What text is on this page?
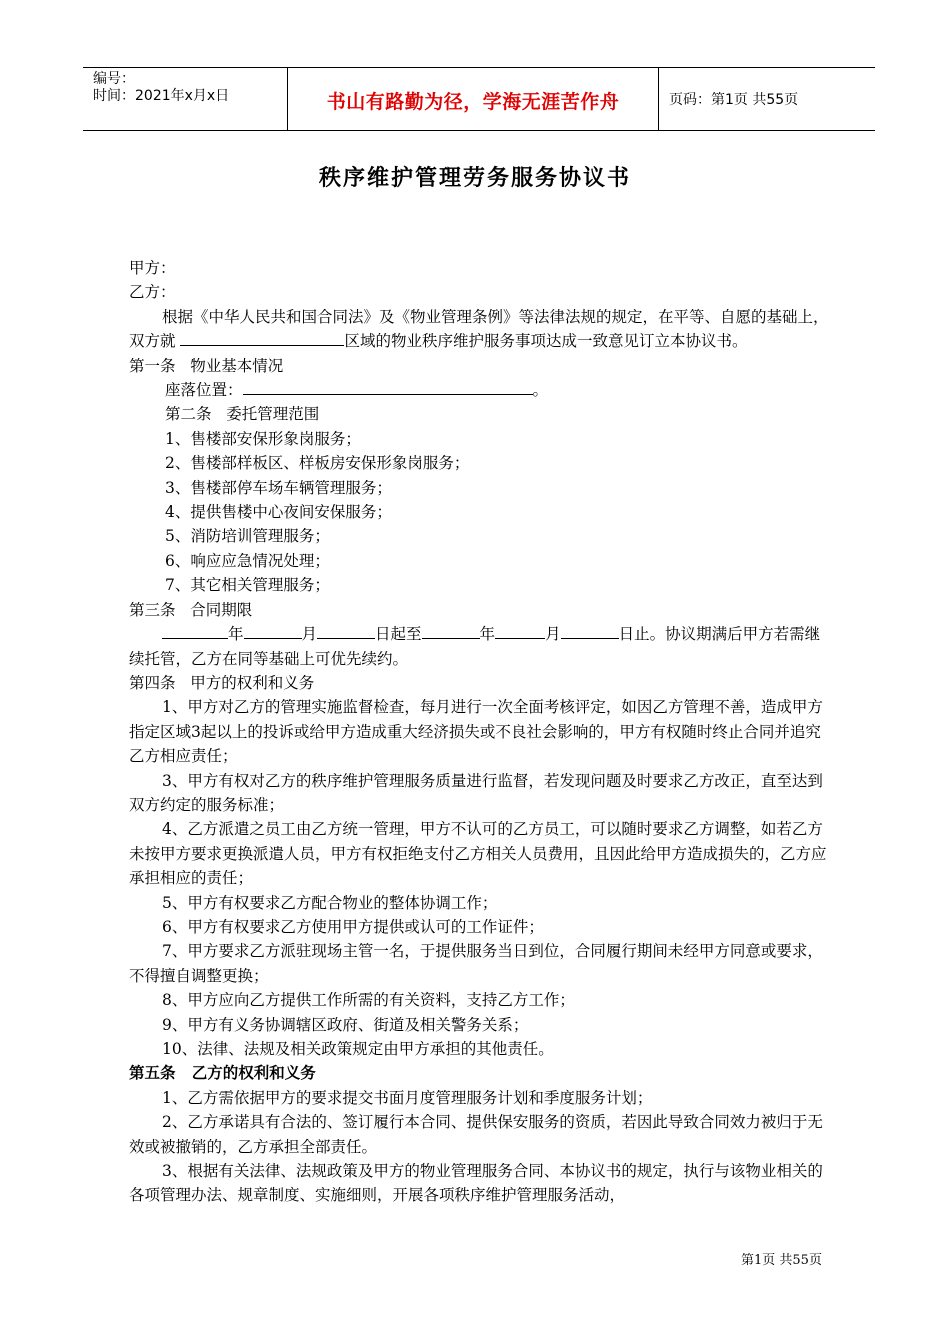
编号：
时间：2021年x月x日	书山有路勤为径，学海无涯苦作舟	页码：第1页 共55页
秩序维护管理劳务服务协议书

甲方：

乙方：

根据《中华人民共和国合同法》及《物业管理条例》等法律法规的规定，在平等、自愿的基础上，双方就	区域的物业秩序维护服务事项达成一致意见订立本协议书。

第一条   物业基本情况

座落位置：	。

第二条   委托管理范围

1、售楼部安保形象岗服务；

2、售楼部样板区、样板房安保形象岗服务；

3、售楼部停车场车辆管理服务；

4、提供售楼中心夜间安保服务；

5、消防培训管理服务；

6、响应应急情况处理；

7、其它相关管理服务；

第三条   合同期限

年	月	日起至	年	月	日止。协议期满后甲方若需继续托管，乙方在同等基础上可优先续约。

第四条   甲方的权利和义务

1、甲方对乙方的管理实施监督检查，每月进行一次全面考核评定，如因乙方管理不善，造成甲方指定区域3起以上的投诉或给甲方造成重大经济损失或不良社会影响的，甲方有权随时终止合同并追究乙方相应责任；

3、甲方有权对乙方的秩序维护管理服务质量进行监督，若发现问题及时要求乙方改正，直至达到双方约定的服务标准；

4、乙方派遣之员工由乙方统一管理，甲方不认可的乙方员工，可以随时要求乙方调整，如若乙方未按甲方要求更换派遣人员，甲方有权拒绝支付乙方相关人员费用，且因此给甲方造成损失的，乙方应承担相应的责任；

5、甲方有权要求乙方配合物业的整体协调工作；

6、甲方有权要求乙方使用甲方提供或认可的工作证件；

7、甲方要求乙方派驻现场主管一名，于提供服务当日到位，合同履行期间未经甲方同意或要求，不得擅自调整更换；

8、甲方应向乙方提供工作所需的有关资料，支持乙方工作；

9、甲方有义务协调辖区政府、街道及相关警务关系；

10、法律、法规及相关政策规定由甲方承担的其他责任。

第五条   乙方的权利和义务

1、乙方需依据甲方的要求提交书面月度管理服务计划和季度服务计划；

2、乙方承诺具有合法的、签订履行本合同、提供保安服务的资质，若因此导致合同效力被归于无效或被撤销的，乙方承担全部责任。

3、根据有关法律、法规政策及甲方的物业管理服务合同、本协议书的规定，执行与该物业相关的各项管理办法、规章制度、实施细则，开展各项秩序维护管理服务活动，

第1页 共55页
